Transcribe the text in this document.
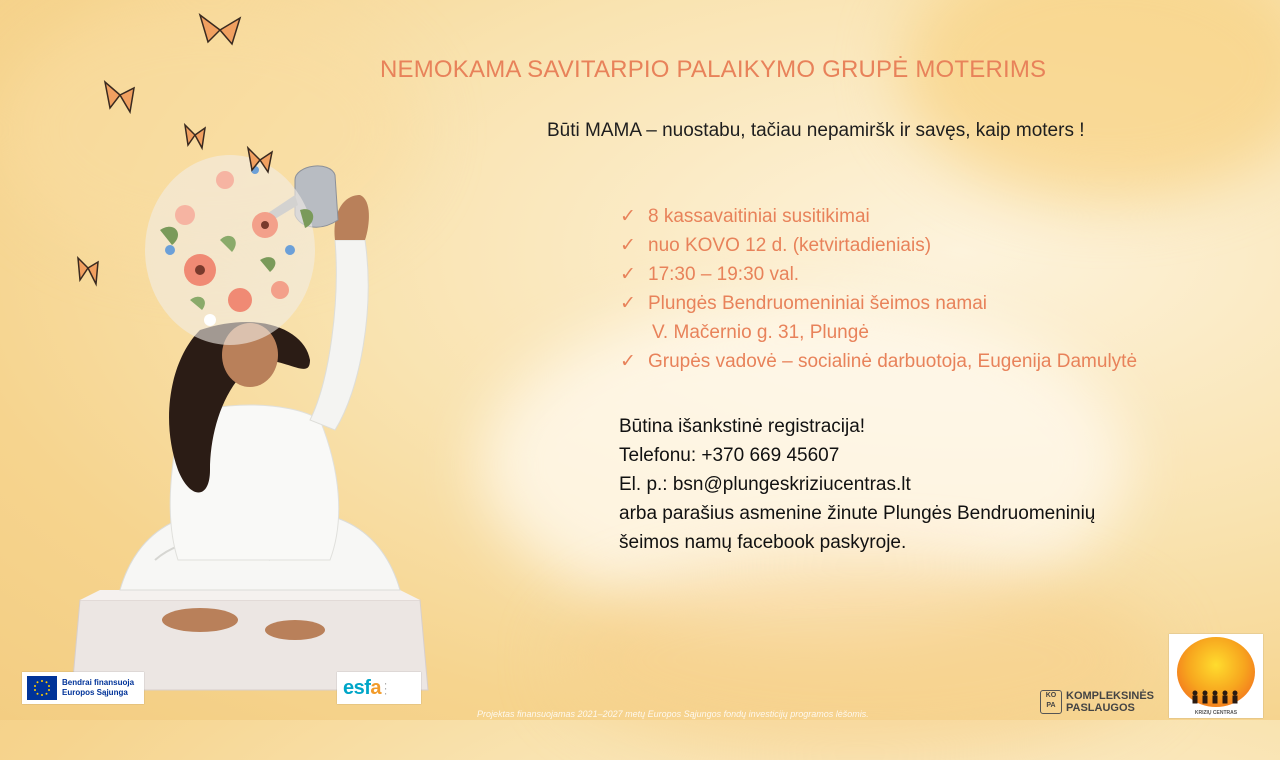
NEMOKAMA SAVITARPIO PALAIKYMO GRUPĖ MOTERIMS
Būti MAMA – nuostabu, tačiau nepamiršk ir savęs, kaip moters !
✓ 8 kassavaitiniai susitikimai
✓ nuo KOVO 12 d. (ketvirtadieniais)
✓ 17:30 – 19:30 val.
✓ Plungės Bendruomeniniai šeimos namai
V. Mačernio g. 31, Plungė
✓ Grupės vadovė – socialinė darbuotoja, Eugenija Damulytė
Būtina išankstinė registracija!
Telefonu: +370 669 45607
El. p.: bsn@plungeskriziucentras.lt
arba parašius asmenine žinute Plungės Bendruomeninių
šeimos namų facebook paskyroje.
Bendrai finansuoja
Europos Sąjunga	esfa ▪
▪
▪
Projektas finansuojamas 2021–2027 metų Europos Sąjungos fondų investicijų programos lėšomis.
KO PA
KOMPLEKSINĖS
PASLAUGOS	KRIZIŲ CENTRAS
